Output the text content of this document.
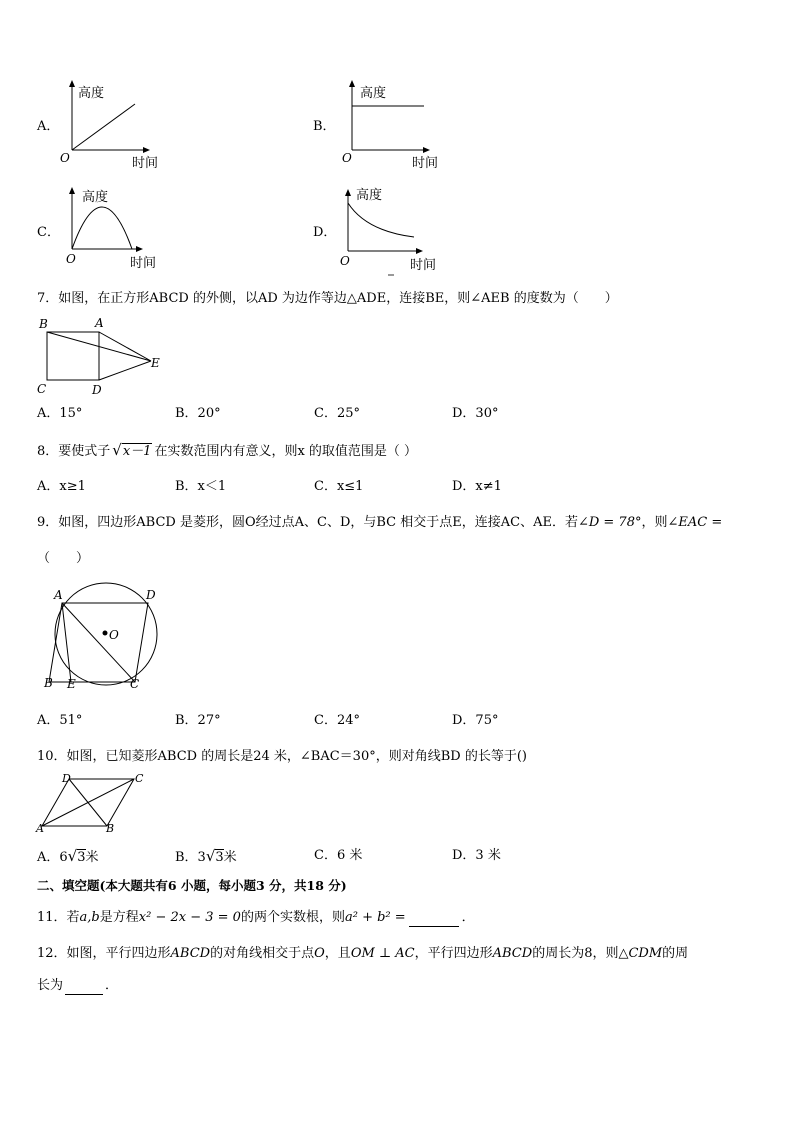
A．
高度
时间
O
B．
高度
时间
O
C．
高度
时间
O
D．
高度
时间
O
7．如图，在正方形ABCD 的外侧，以AD 为边作等边△ADE，连接BE，则∠AEB 的度数为（　　）
B	A
E
C	D
A．15°	B．20°	C．25°	D．30°
8．要使式子 √x－1 在实数范围内有意义，则x 的取值范围是（ ）
A．x≥1	B．x＜1	C．x≤1	D．x≠1
9．如图，四边形ABCD 是菱形，圆O经过点A、C、D，与BC 相交于点E，连接AC、AE．若∠D = 78°，则∠EAC =
（　　）
A	D
O
B E	C
A．51°	B．27°	C．24°	D．75°
10．如图，已知菱形ABCD 的周长是24 米，∠BAC＝30°，则对角线BD 的长等于()
D	C
A	B
A．6√3米	B．3√3米	C．6 米	D．3 米
二、填空题(本大题共有6 小题，每小题3 分，共18 分)
11．若a,b是方程x² − 2x − 3 = 0的两个实数根，则a² + b² =	．
12．如图，平行四边形ABCD的对角线相交于点O，且OM ⊥ AC，平行四边形ABCD的周长为8，则△CDM的周
长为	．
